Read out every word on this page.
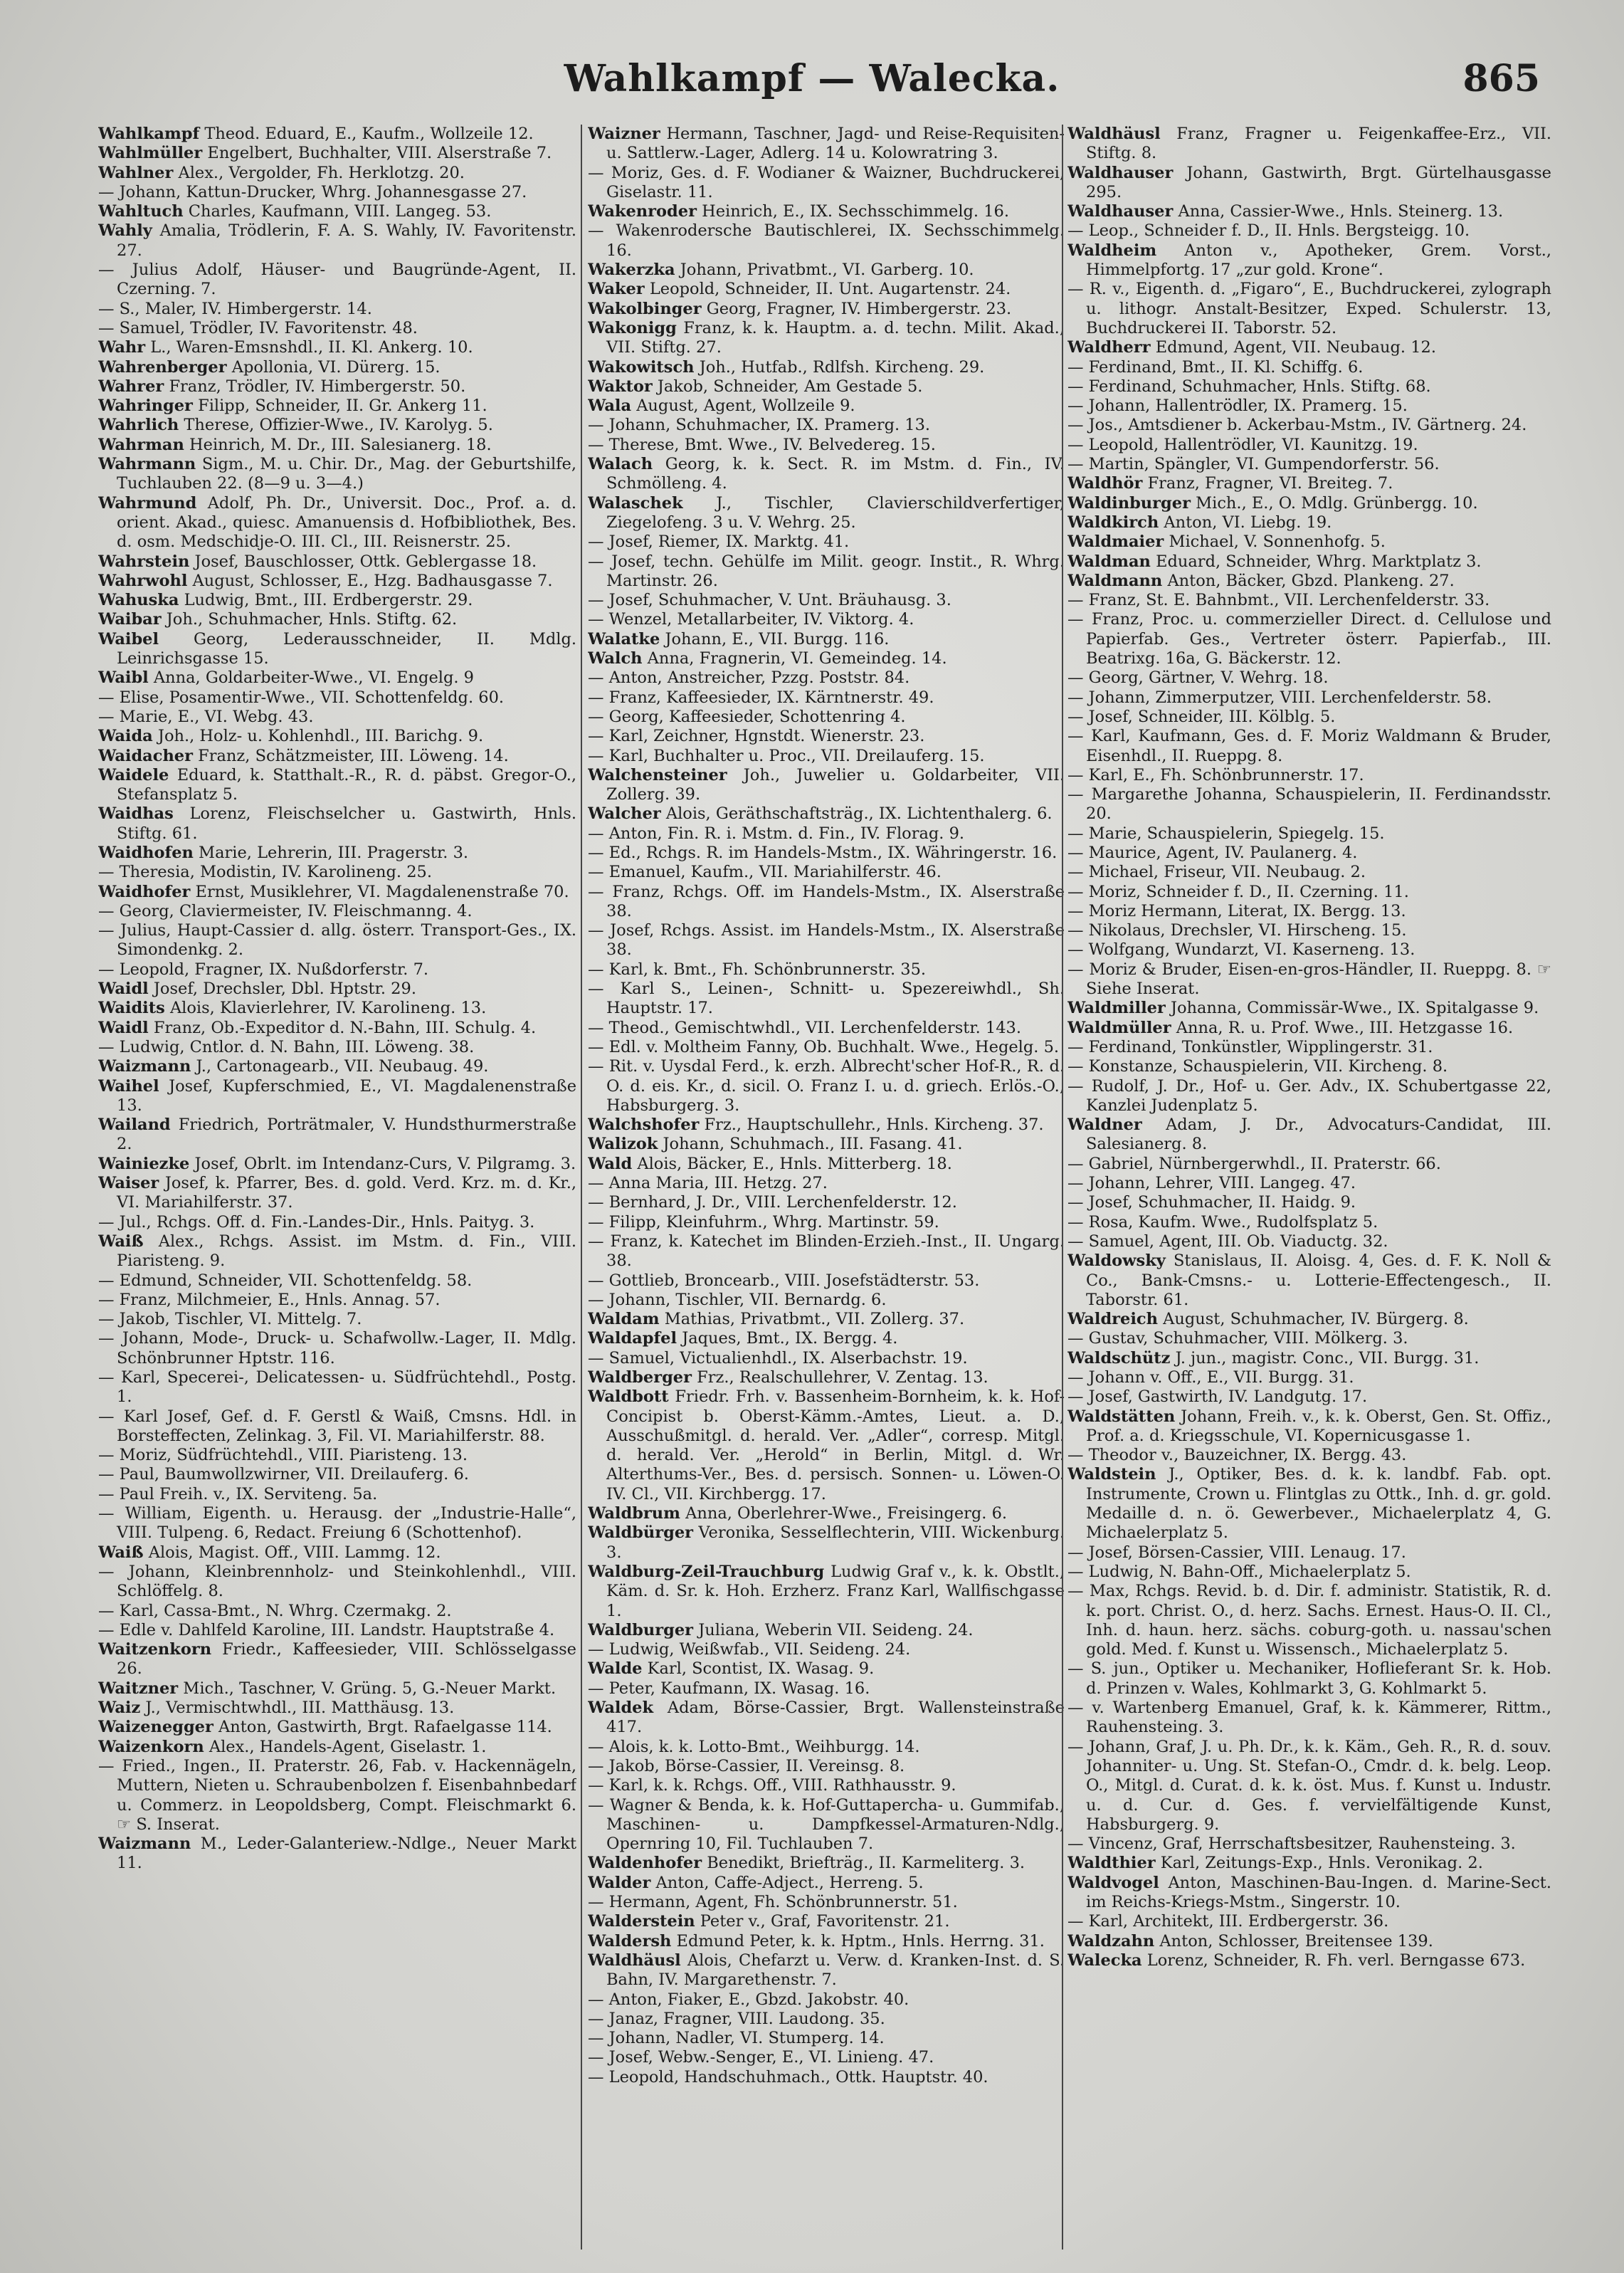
Wahlkampf — Walecka.	865
Wahlkampf Theod. Eduard, E., Kaufm., Wollzeile 12.
Wahlmüller Engelbert, Buchhalter, VIII. Alserstraße 7.
Wahlner Alex., Vergolder, Fh. Herklotzg. 20.
— Johann, Kattun-Drucker, Whrg. Johannesgasse 27.
Wahltuch Charles, Kaufmann, VIII. Langeg. 53.
Wahly Amalia, Trödlerin, F. A. S. Wahly, IV. Favoritenstr. 27.
— Julius Adolf, Häuser- und Baugründe-Agent, II. Czerning. 7.
— S., Maler, IV. Himbergerstr. 14.
— Samuel, Trödler, IV. Favoritenstr. 48.
Wahr L., Waren-Emsnshdl., II. Kl. Ankerg. 10.
Wahrenberger Apollonia, VI. Dürerg. 15.
Wahrer Franz, Trödler, IV. Himbergerstr. 50.
Wahringer Filipp, Schneider, II. Gr. Ankerg 11.
Wahrlich Therese, Offizier-Wwe., IV. Karolyg. 5.
Wahrman Heinrich, M. Dr., III. Salesianerg. 18.
Wahrmann Sigm., M. u. Chir. Dr., Mag. der Geburtshilfe, Tuchlauben 22. (8—9 u. 3—4.)
Wahrmund Adolf, Ph. Dr., Universit. Doc., Prof. a. d. orient. Akad., quiesc. Amanuensis d. Hofbibliothek, Bes. d. osm. Medschidje-O. III. Cl., III. Reisnerstr. 25.
Wahrstein Josef, Bauschlosser, Ottk. Geblergasse 18.
Wahrwohl August, Schlosser, E., Hzg. Badhausgasse 7.
Wahuska Ludwig, Bmt., III. Erdbergerstr. 29.
Waibar Joh., Schuhmacher, Hnls. Stiftg. 62.
Waibel Georg, Lederausschneider, II. Mdlg. Leinrichsgasse 15.
Waibl Anna, Goldarbeiter-Wwe., VI. Engelg. 9
— Elise, Posamentir-Wwe., VII. Schottenfeldg. 60.
— Marie, E., VI. Webg. 43.
Waida Joh., Holz- u. Kohlenhdl., III. Barichg. 9.
Waidacher Franz, Schätzmeister, III. Löweng. 14.
Waidele Eduard, k. Statthalt.-R., R. d. päbst. Gregor-O., Stefansplatz 5.
Waidhas Lorenz, Fleischselcher u. Gastwirth, Hnls. Stiftg. 61.
Waidhofen Marie, Lehrerin, III. Pragerstr. 3.
— Theresia, Modistin, IV. Karolineng. 25.
Waidhofer Ernst, Musiklehrer, VI. Magdalenenstraße 70.
— Georg, Claviermeister, IV. Fleischmanng. 4.
— Julius, Haupt-Cassier d. allg. österr. Transport-Ges., IX. Simondenkg. 2.
— Leopold, Fragner, IX. Nußdorferstr. 7.
Waidl Josef, Drechsler, Dbl. Hptstr. 29.
Waidits Alois, Klavierlehrer, IV. Karolineng. 13.
Waidl Franz, Ob.-Expeditor d. N.-Bahn, III. Schulg. 4.
— Ludwig, Cntlor. d. N. Bahn, III. Löweng. 38.
Waizmann J., Cartonagearb., VII. Neubaug. 49.
Waihel Josef, Kupferschmied, E., VI. Magdalenenstraße 13.
Wailand Friedrich, Porträtmaler, V. Hundsthurmerstraße 2.
Wainiezke Josef, Obrlt. im Intendanz-Curs, V. Pilgramg. 3.
Waiser Josef, k. Pfarrer, Bes. d. gold. Verd. Krz. m. d. Kr., VI. Mariahilferstr. 37.
— Jul., Rchgs. Off. d. Fin.-Landes-Dir., Hnls. Paityg. 3.
Waiß Alex., Rchgs. Assist. im Mstm. d. Fin., VIII. Piaristeng. 9.
— Edmund, Schneider, VII. Schottenfeldg. 58.
— Franz, Milchmeier, E., Hnls. Annag. 57.
— Jakob, Tischler, VI. Mittelg. 7.
— Johann, Mode-, Druck- u. Schafwollw.-Lager, II. Mdlg. Schönbrunner Hptstr. 116.
— Karl, Specerei-, Delicatessen- u. Südfrüchtehdl., Postg. 1.
— Karl Josef, Gef. d. F. Gerstl & Waiß, Cmsns. Hdl. in Borsteffecten, Zelinkag. 3, Fil. VI. Mariahilferstr. 88.
— Moriz, Südfrüchtehdl., VIII. Piaristeng. 13.
— Paul, Baumwollzwirner, VII. Dreilauferg. 6.
— Paul Freih. v., IX. Serviteng. 5a.
— William, Eigenth. u. Herausg. der „Industrie-Halle“, VIII. Tulpeng. 6, Redact. Freiung 6 (Schottenhof).
Waiß Alois, Magist. Off., VIII. Lammg. 12.
— Johann, Kleinbrennholz- und Steinkohlenhdl., VIII. Schlöffelg. 8.
— Karl, Cassa-Bmt., N. Whrg. Czermakg. 2.
— Edle v. Dahlfeld Karoline, III. Landstr. Hauptstraße 4.
Waitzenkorn Friedr., Kaffeesieder, VIII. Schlösselgasse 26.
Waitzner Mich., Taschner, V. Grüng. 5, G.-Neuer Markt.
Waiz J., Vermischtwhdl., III. Matthäusg. 13.
Waizenegger Anton, Gastwirth, Brgt. Rafaelgasse 114.
Waizenkorn Alex., Handels-Agent, Giselastr. 1.
— Fried., Ingen., II. Praterstr. 26, Fab. v. Hackennägeln, Muttern, Nieten u. Schraubenbolzen f. Eisenbahnbedarf u. Commerz. in Leopoldsberg, Compt. Fleischmarkt 6. ☞ S. Inserat.
Waizmann M., Leder-Galanteriew.-Ndlge., Neuer Markt 11.
Waizner Hermann, Taschner, Jagd- und Reise-Requisiten- u. Sattlerw.-Lager, Adlerg. 14 u. Kolowratring 3.
— Moriz, Ges. d. F. Wodianer & Waizner, Buchdruckerei, Giselastr. 11.
Wakenroder Heinrich, E., IX. Sechsschimmelg. 16.
— Wakenrodersche Bautischlerei, IX. Sechsschimmelg. 16.
Wakerzka Johann, Privatbmt., VI. Garberg. 10.
Waker Leopold, Schneider, II. Unt. Augartenstr. 24.
Wakolbinger Georg, Fragner, IV. Himbergerstr. 23.
Wakonigg Franz, k. k. Hauptm. a. d. techn. Milit. Akad., VII. Stiftg. 27.
Wakowitsch Joh., Hutfab., Rdlfsh. Kircheng. 29.
Waktor Jakob, Schneider, Am Gestade 5.
Wala August, Agent, Wollzeile 9.
— Johann, Schuhmacher, IX. Pramerg. 13.
— Therese, Bmt. Wwe., IV. Belvedereg. 15.
Walach Georg, k. k. Sect. R. im Mstm. d. Fin., IV. Schmölleng. 4.
Walaschek J., Tischler, Clavierschildverfertiger, Ziegelofeng. 3 u. V. Wehrg. 25.
— Josef, Riemer, IX. Marktg. 41.
— Josef, techn. Gehülfe im Milit. geogr. Instit., R. Whrg. Martinstr. 26.
— Josef, Schuhmacher, V. Unt. Bräuhausg. 3.
— Wenzel, Metallarbeiter, IV. Viktorg. 4.
Walatke Johann, E., VII. Burgg. 116.
Walch Anna, Fragnerin, VI. Gemeindeg. 14.
— Anton, Anstreicher, Pzzg. Poststr. 84.
— Franz, Kaffeesieder, IX. Kärntnerstr. 49.
— Georg, Kaffeesieder, Schottenring 4.
— Karl, Zeichner, Hgnstdt. Wienerstr. 23.
— Karl, Buchhalter u. Proc., VII. Dreilauferg. 15.
Walchensteiner Joh., Juwelier u. Goldarbeiter, VII. Zollerg. 39.
Walcher Alois, Geräthschaftsträg., IX. Lichtenthalerg. 6.
— Anton, Fin. R. i. Mstm. d. Fin., IV. Florag. 9.
— Ed., Rchgs. R. im Handels-Mstm., IX. Währingerstr. 16.
— Emanuel, Kaufm., VII. Mariahilferstr. 46.
— Franz, Rchgs. Off. im Handels-Mstm., IX. Alserstraße 38.
— Josef, Rchgs. Assist. im Handels-Mstm., IX. Alserstraße 38.
— Karl, k. Bmt., Fh. Schönbrunnerstr. 35.
— Karl S., Leinen-, Schnitt- u. Spezereiwhdl., Sh. Hauptstr. 17.
— Theod., Gemischtwhdl., VII. Lerchenfelderstr. 143.
— Edl. v. Moltheim Fanny, Ob. Buchhalt. Wwe., Hegelg. 5.
— Rit. v. Uysdal Ferd., k. erzh. Albrecht'scher Hof-R., R. d. O. d. eis. Kr., d. sicil. O. Franz I. u. d. griech. Erlös.-O., Habsburgerg. 3.
Walchshofer Frz., Hauptschullehr., Hnls. Kircheng. 37.
Walizok Johann, Schuhmach., III. Fasang. 41.
Wald Alois, Bäcker, E., Hnls. Mitterberg. 18.
— Anna Maria, III. Hetzg. 27.
— Bernhard, J. Dr., VIII. Lerchenfelderstr. 12.
— Filipp, Kleinfuhrm., Whrg. Martinstr. 59.
— Franz, k. Katechet im Blinden-Erzieh.-Inst., II. Ungarg. 38.
— Gottlieb, Broncearb., VIII. Josefstädterstr. 53.
— Johann, Tischler, VII. Bernardg. 6.
Waldam Mathias, Privatbmt., VII. Zollerg. 37.
Waldapfel Jaques, Bmt., IX. Bergg. 4.
— Samuel, Victualienhdl., IX. Alserbachstr. 19.
Waldberger Frz., Realschullehrer, V. Zentag. 13.
Waldbott Friedr. Frh. v. Bassenheim-Bornheim, k. k. Hof-Concipist b. Oberst-Kämm.-Amtes, Lieut. a. D., Ausschußmitgl. d. herald. Ver. „Adler“, corresp. Mitgl. d. herald. Ver. „Herold“ in Berlin, Mitgl. d. Wr. Alterthums-Ver., Bes. d. persisch. Sonnen- u. Löwen-O. IV. Cl., VII. Kirchbergg. 17.
Waldbrum Anna, Oberlehrer-Wwe., Freisingerg. 6.
Waldbürger Veronika, Sesselflechterin, VIII. Wickenburg. 3.
Waldburg-Zeil-Trauchburg Ludwig Graf v., k. k. Obstlt., Käm. d. Sr. k. Hoh. Erzherz. Franz Karl, Wallfischgasse 1.
Waldburger Juliana, Weberin VII. Seideng. 24.
— Ludwig, Weißwfab., VII. Seideng. 24.
Walde Karl, Scontist, IX. Wasag. 9.
— Peter, Kaufmann, IX. Wasag. 16.
Waldek Adam, Börse-Cassier, Brgt. Wallensteinstraße 417.
— Alois, k. k. Lotto-Bmt., Weihburgg. 14.
— Jakob, Börse-Cassier, II. Vereinsg. 8.
— Karl, k. k. Rchgs. Off., VIII. Rathhausstr. 9.
— Wagner & Benda, k. k. Hof-Guttapercha- u. Gummifab., Maschinen- u. Dampfkessel-Armaturen-Ndlg., Opernring 10, Fil. Tuchlauben 7.
Waldenhofer Benedikt, Briefträg., II. Karmeliterg. 3.
Walder Anton, Caffe-Adject., Herreng. 5.
— Hermann, Agent, Fh. Schönbrunnerstr. 51.
Walderstein Peter v., Graf, Favoritenstr. 21.
Waldersh Edmund Peter, k. k. Hptm., Hnls. Herrng. 31.
Waldhäusl Alois, Chefarzt u. Verw. d. Kranken-Inst. d. S. Bahn, IV. Margarethenstr. 7.
— Anton, Fiaker, E., Gbzd. Jakobstr. 40.
— Janaz, Fragner, VIII. Laudong. 35.
— Johann, Nadler, VI. Stumperg. 14.
— Josef, Webw.-Senger, E., VI. Linieng. 47.
— Leopold, Handschuhmach., Ottk. Hauptstr. 40.
Waldhäusl Franz, Fragner u. Feigenkaffee-Erz., VII. Stiftg. 8.
Waldhauser Johann, Gastwirth, Brgt. Gürtelhausgasse 295.
Waldhauser Anna, Cassier-Wwe., Hnls. Steinerg. 13.
— Leop., Schneider f. D., II. Hnls. Bergsteigg. 10.
Waldheim Anton v., Apotheker, Grem. Vorst., Himmelpfortg. 17 „zur gold. Krone“.
— R. v., Eigenth. d. „Figaro“, E., Buchdruckerei, zylograph u. lithogr. Anstalt-Besitzer, Exped. Schulerstr. 13, Buchdruckerei II. Taborstr. 52.
Waldherr Edmund, Agent, VII. Neubaug. 12.
— Ferdinand, Bmt., II. Kl. Schiffg. 6.
— Ferdinand, Schuhmacher, Hnls. Stiftg. 68.
— Johann, Hallentrödler, IX. Pramerg. 15.
— Jos., Amtsdiener b. Ackerbau-Mstm., IV. Gärtnerg. 24.
— Leopold, Hallentrödler, VI. Kaunitzg. 19.
— Martin, Spängler, VI. Gumpendorferstr. 56.
Waldhör Franz, Fragner, VI. Breiteg. 7.
Waldinburger Mich., E., O. Mdlg. Grünbergg. 10.
Waldkirch Anton, VI. Liebg. 19.
Waldmaier Michael, V. Sonnenhofg. 5.
Waldman Eduard, Schneider, Whrg. Marktplatz 3.
Waldmann Anton, Bäcker, Gbzd. Plankeng. 27.
— Franz, St. E. Bahnbmt., VII. Lerchenfelderstr. 33.
— Franz, Proc. u. commerzieller Direct. d. Cellulose und Papierfab. Ges., Vertreter österr. Papierfab., III. Beatrixg. 16a, G. Bäckerstr. 12.
— Georg, Gärtner, V. Wehrg. 18.
— Johann, Zimmerputzer, VIII. Lerchenfelderstr. 58.
— Josef, Schneider, III. Kölblg. 5.
— Karl, Kaufmann, Ges. d. F. Moriz Waldmann & Bruder, Eisenhdl., II. Rueppg. 8.
— Karl, E., Fh. Schönbrunnerstr. 17.
— Margarethe Johanna, Schauspielerin, II. Ferdinandsstr. 20.
— Marie, Schauspielerin, Spiegelg. 15.
— Maurice, Agent, IV. Paulanerg. 4.
— Michael, Friseur, VII. Neubaug. 2.
— Moriz, Schneider f. D., II. Czerning. 11.
— Moriz Hermann, Literat, IX. Bergg. 13.
— Nikolaus, Drechsler, VI. Hirscheng. 15.
— Wolfgang, Wundarzt, VI. Kaserneng. 13.
— Moriz & Bruder, Eisen-en-gros-Händler, II. Rueppg. 8. ☞ Siehe Inserat.
Waldmiller Johanna, Commissär-Wwe., IX. Spitalgasse 9.
Waldmüller Anna, R. u. Prof. Wwe., III. Hetzgasse 16.
— Ferdinand, Tonkünstler, Wipplingerstr. 31.
— Konstanze, Schauspielerin, VII. Kircheng. 8.
— Rudolf, J. Dr., Hof- u. Ger. Adv., IX. Schubertgasse 22, Kanzlei Judenplatz 5.
Waldner Adam, J. Dr., Advocaturs-Candidat, III. Salesianerg. 8.
— Gabriel, Nürnbergerwhdl., II. Praterstr. 66.
— Johann, Lehrer, VIII. Langeg. 47.
— Josef, Schuhmacher, II. Haidg. 9.
— Rosa, Kaufm. Wwe., Rudolfsplatz 5.
— Samuel, Agent, III. Ob. Viaductg. 32.
Waldowsky Stanislaus, II. Aloisg. 4, Ges. d. F. K. Noll & Co., Bank-Cmsns.- u. Lotterie-Effectengesch., II. Taborstr. 61.
Waldreich August, Schuhmacher, IV. Bürgerg. 8.
— Gustav, Schuhmacher, VIII. Mölkerg. 3.
Waldschütz J. jun., magistr. Conc., VII. Burgg. 31.
— Johann v. Off., E., VII. Burgg. 31.
— Josef, Gastwirth, IV. Landgutg. 17.
Waldstätten Johann, Freih. v., k. k. Oberst, Gen. St. Offiz., Prof. a. d. Kriegsschule, VI. Kopernicusgasse 1.
— Theodor v., Bauzeichner, IX. Bergg. 43.
Waldstein J., Optiker, Bes. d. k. k. landbf. Fab. opt. Instrumente, Crown u. Flintglas zu Ottk., Inh. d. gr. gold. Medaille d. n. ö. Gewerbever., Michaelerplatz 4, G. Michaelerplatz 5.
— Josef, Börsen-Cassier, VIII. Lenaug. 17.
— Ludwig, N. Bahn-Off., Michaelerplatz 5.
— Max, Rchgs. Revid. b. d. Dir. f. administr. Statistik, R. d. k. port. Christ. O., d. herz. Sachs. Ernest. Haus-O. II. Cl., Inh. d. haun. herz. sächs. coburg-goth. u. nassau'schen gold. Med. f. Kunst u. Wissensch., Michaelerplatz 5.
— S. jun., Optiker u. Mechaniker, Hoflieferant Sr. k. Hob. d. Prinzen v. Wales, Kohlmarkt 3, G. Kohlmarkt 5.
— v. Wartenberg Emanuel, Graf, k. k. Kämmerer, Rittm., Rauhensteing. 3.
— Johann, Graf, J. u. Ph. Dr., k. k. Käm., Geh. R., R. d. souv. Johanniter- u. Ung. St. Stefan-O., Cmdr. d. k. belg. Leop. O., Mitgl. d. Curat. d. k. k. öst. Mus. f. Kunst u. Industr. u. d. Cur. d. Ges. f. vervielfältigende Kunst, Habsburgerg. 9.
— Vincenz, Graf, Herrschaftsbesitzer, Rauhensteing. 3.
Waldthier Karl, Zeitungs-Exp., Hnls. Veronikag. 2.
Waldvogel Anton, Maschinen-Bau-Ingen. d. Marine-Sect. im Reichs-Kriegs-Mstm., Singerstr. 10.
— Karl, Architekt, III. Erdbergerstr. 36.
Waldzahn Anton, Schlosser, Breitensee 139.
Walecka Lorenz, Schneider, R. Fh. verl. Berngasse 673.
